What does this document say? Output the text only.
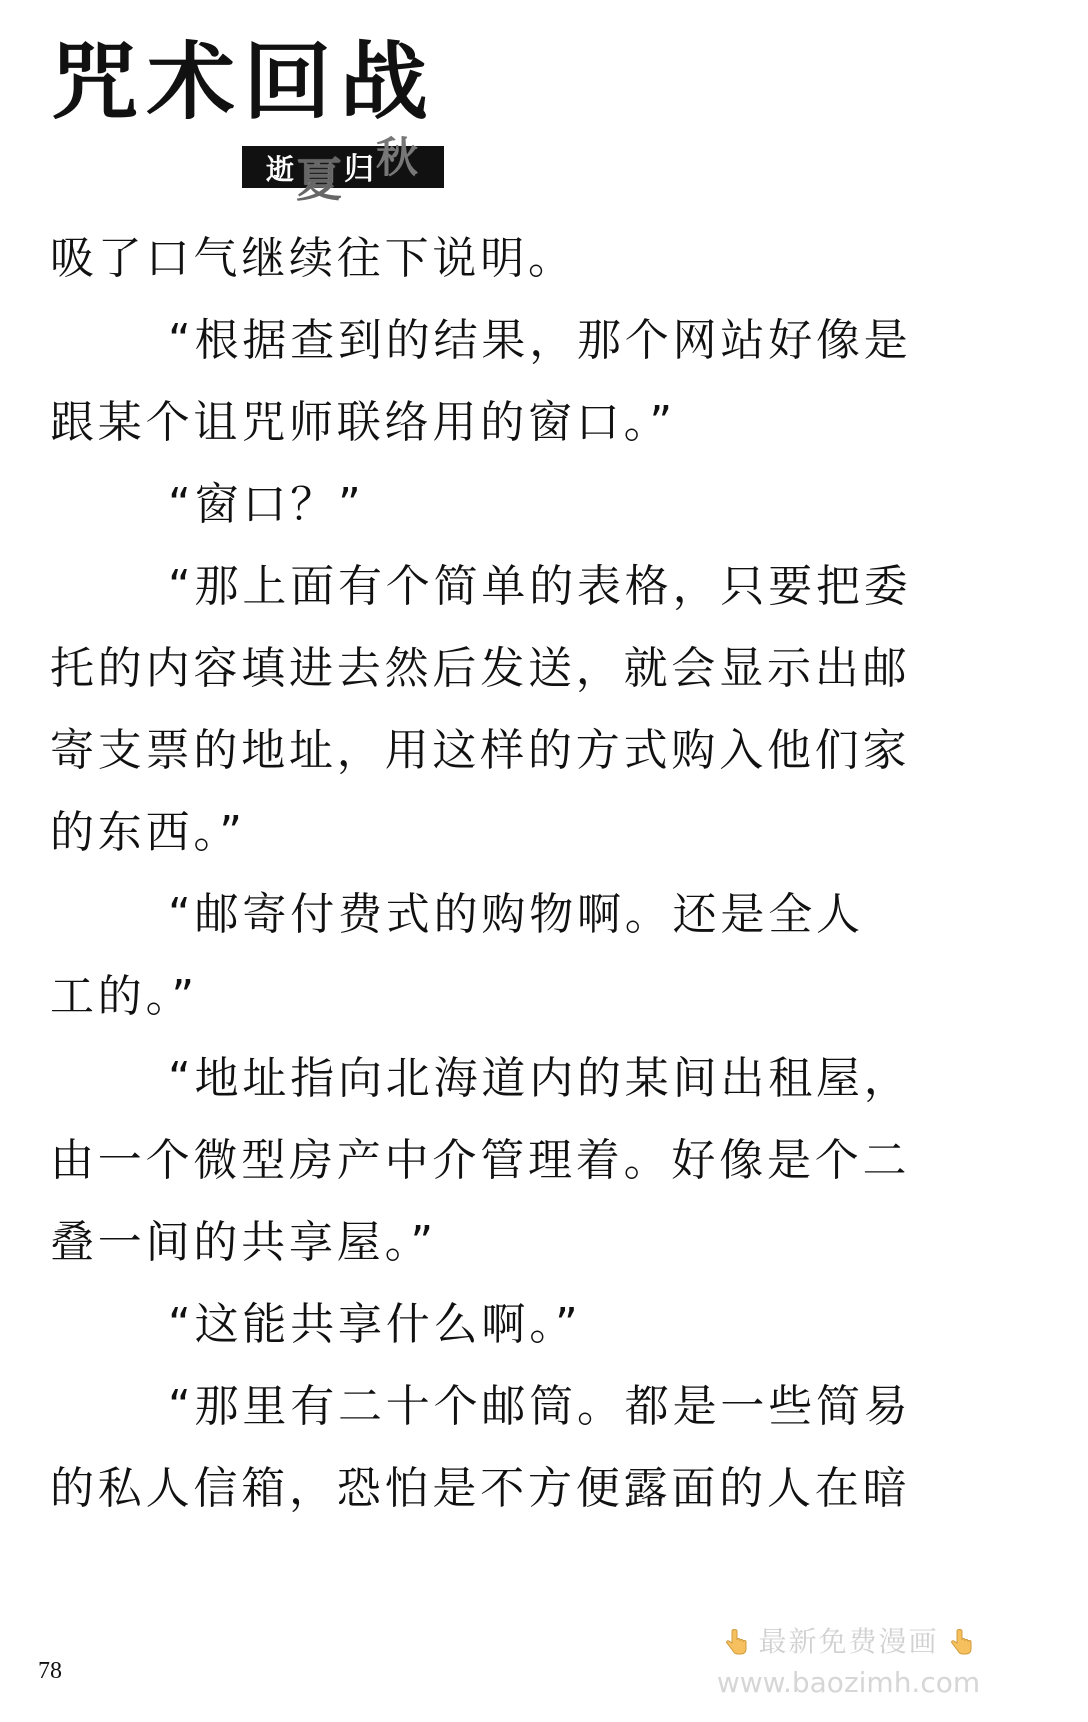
咒术回战
逝夏归秋
吸了口气继续往下说明。
“根据查到的结果，那个网站好像是
跟某个诅咒师联络用的窗口。”
“窗口？”
“那上面有个简单的表格，只要把委
托的内容填进去然后发送，就会显示出邮
寄支票的地址，用这样的方式购入他们家
的东西。”
“邮寄付费式的购物啊。还是全人
工的。”
“地址指向北海道内的某间出租屋，
由一个微型房产中介管理着。好像是个二
叠一间的共享屋。”
“这能共享什么啊。”
“那里有二十个邮筒。都是一些简易
的私人信箱，恐怕是不方便露面的人在暗
78
最新免费漫画
www.baozimh.com
